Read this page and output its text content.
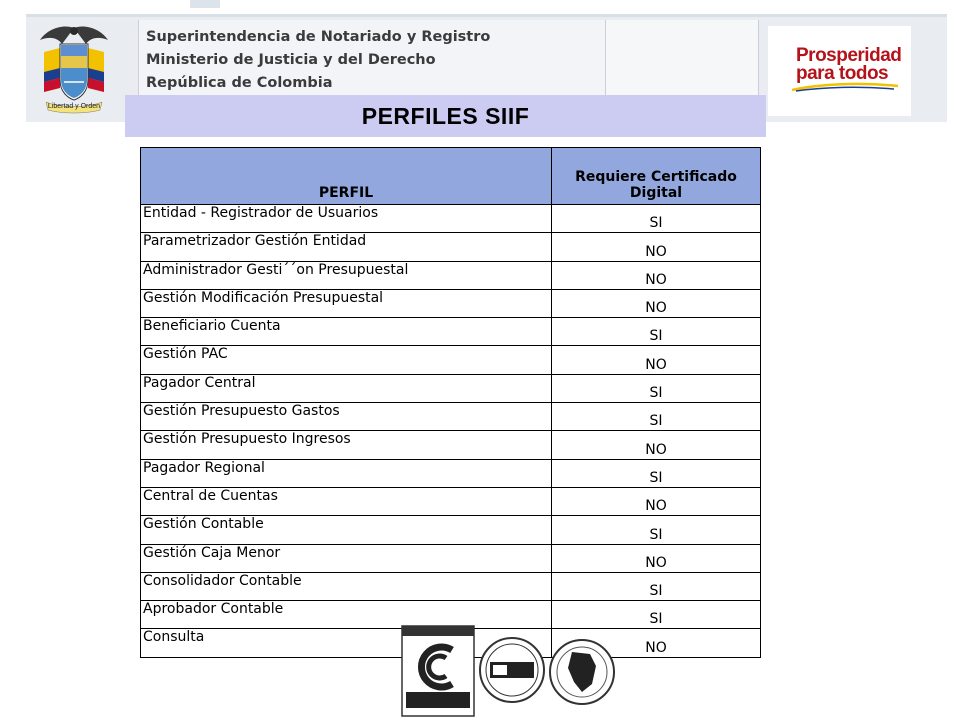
Libertad y Orden
Superintendencia de Notariado y Registro
Ministerio de Justicia y del Derecho
República de Colombia
Prosperidad
para todos
PERFILES SIIF
PERFIL	Requiere Certificado Digital
Entidad - Registrador de Usuarios	SI
Parametrizador Gestión Entidad	NO
Administrador Gesti´´on Presupuestal	NO
Gestión Modificación Presupuestal	NO
Beneficiario Cuenta	SI
Gestión PAC	NO
Pagador Central	SI
Gestión Presupuesto Gastos	SI
Gestión Presupuesto Ingresos	NO
Pagador Regional	SI
Central de Cuentas	NO
Gestión Contable	SI
Gestión Caja Menor	NO
Consolidador Contable	SI
Aprobador Contable	SI
Consulta	NO
